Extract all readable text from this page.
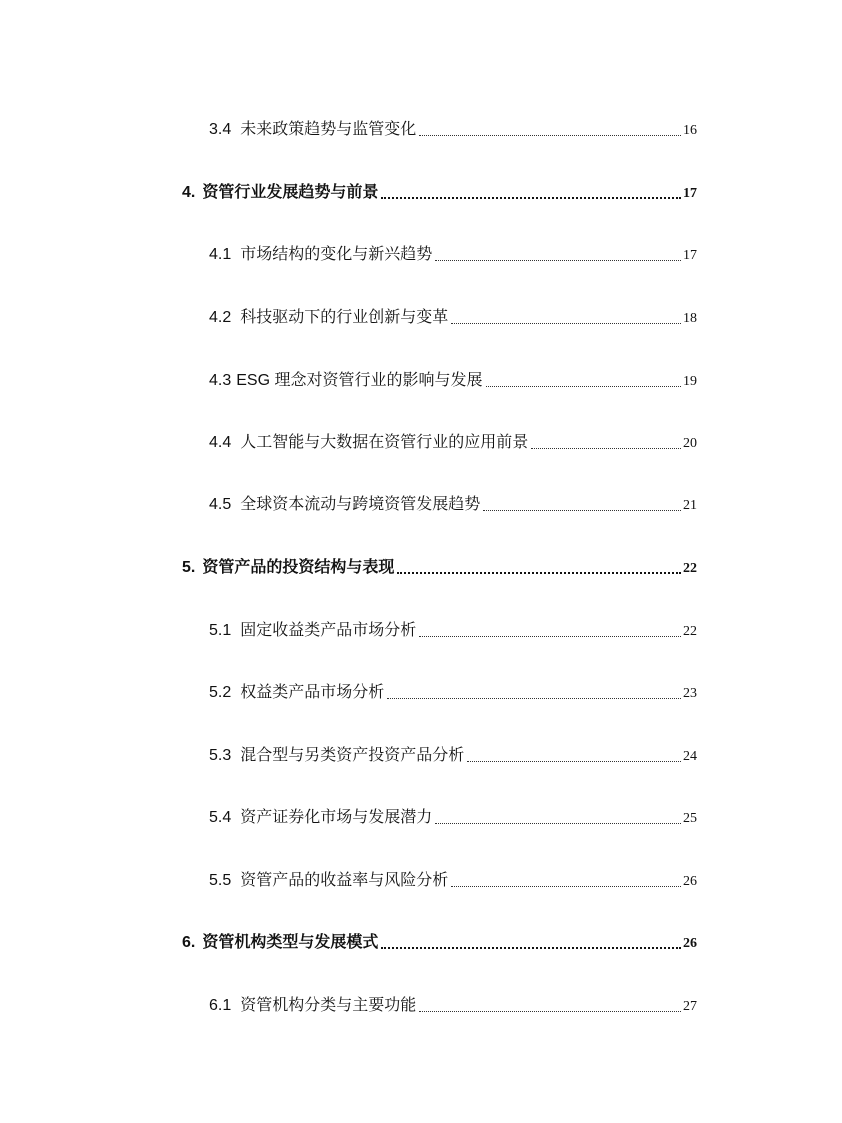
3.4 未来政策趋势与监管变化	16
4. 资管行业发展趋势与前景	17
4.1 市场结构的变化与新兴趋势	17
4.2 科技驱动下的行业创新与变革	18
4.3 ESG 理念对资管行业的影响与发展	19
4.4 人工智能与大数据在资管行业的应用前景	20
4.5 全球资本流动与跨境资管发展趋势	21
5. 资管产品的投资结构与表现	22
5.1 固定收益类产品市场分析	22
5.2 权益类产品市场分析	23
5.3 混合型与另类资产投资产品分析	24
5.4 资产证券化市场与发展潜力	25
5.5 资管产品的收益率与风险分析	26
6. 资管机构类型与发展模式	26
6.1 资管机构分类与主要功能	27
